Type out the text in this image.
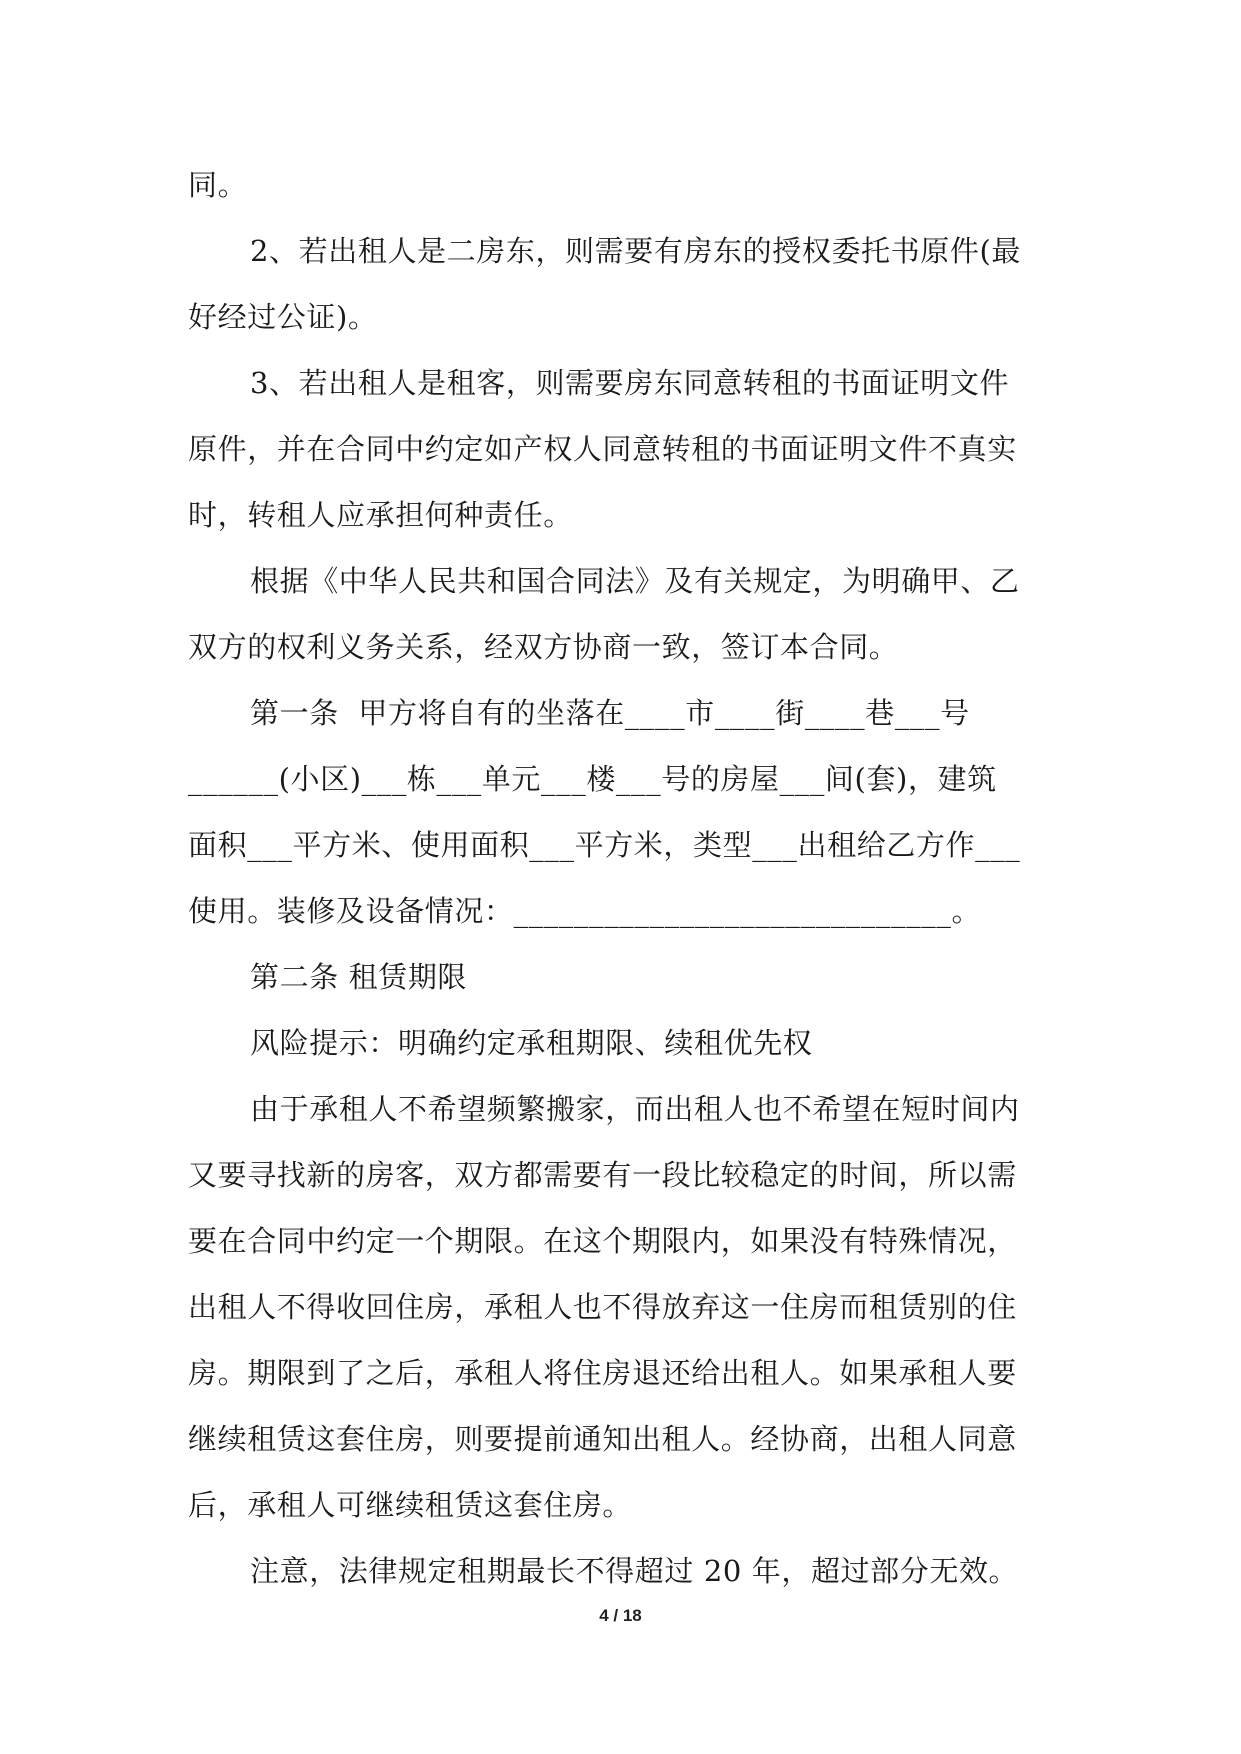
同。
2、若出租人是二房东，则需要有房东的授权委托书原件(最
好经过公证)。
3、若出租人是租客，则需要房东同意转租的书面证明文件
原件，并在合同中约定如产权人同意转租的书面证明文件不真实
时，转租人应承担何种责任。
根据《中华人民共和国合同法》及有关规定，为明确甲、乙
双方的权利义务关系，经双方协商一致，签订本合同。
第一条  甲方将自有的坐落在____市____街____巷___号
______(小区)___栋___单元___楼___号的房屋___间(套)，建筑
面积___平方米、使用面积___平方米，类型___出租给乙方作___
使用。装修及设备情况：_____________________________。
第二条 租赁期限
风险提示：明确约定承租期限、续租优先权
由于承租人不希望频繁搬家，而出租人也不希望在短时间内
又要寻找新的房客，双方都需要有一段比较稳定的时间，所以需
要在合同中约定一个期限。在这个期限内，如果没有特殊情况，
出租人不得收回住房，承租人也不得放弃这一住房而租赁别的住
房。期限到了之后，承租人将住房退还给出租人。如果承租人要
继续租赁这套住房，则要提前通知出租人。经协商，出租人同意
后，承租人可继续租赁这套住房。
注意，法律规定租期最长不得超过 20 年，超过部分无效。
4 / 18
